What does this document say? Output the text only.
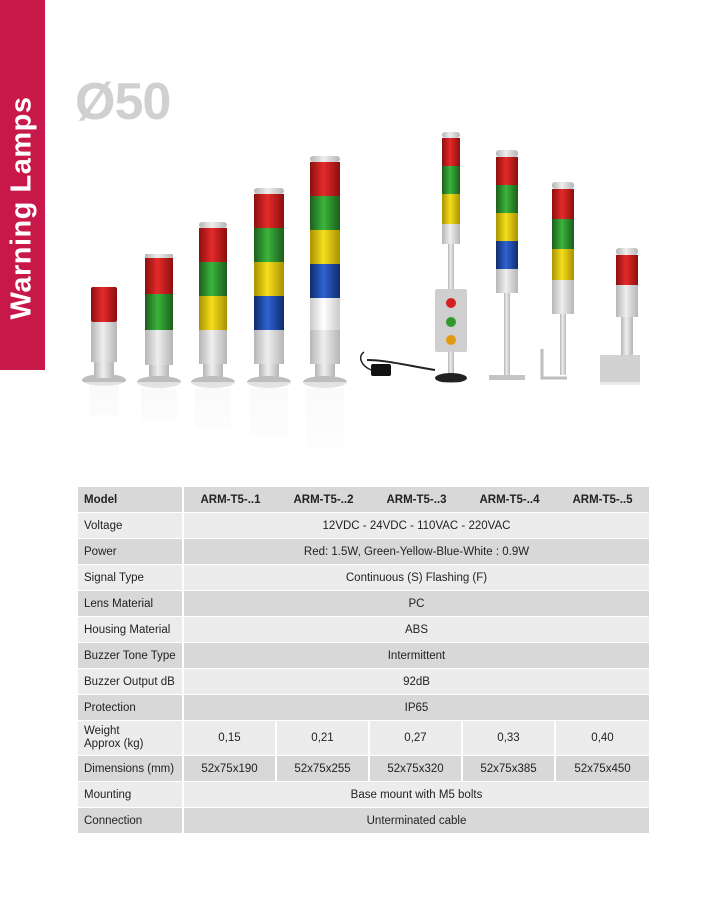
Warning Lamps Ø50
Model	ARM-T5-..1	ARM-T5-..2	ARM-T5-..3	ARM-T5-..4	ARM-T5-..5
Voltage	12VDC - 24VDC - 110VAC - 220VAC				
Power	Red: 1.5W, Green-Yellow-Blue-White : 0.9W				
Signal Type	Continuous (S) Flashing (F)				
Lens Material	PC				
Housing Material	ABS				
Buzzer Tone Type	Intermittent				
Buzzer Output dB	92dB				
Protection	IP65				

Weight
Approx (kg)	0,15	0,21	0,27	0,33	0,40
Dimensions (mm)	52x75x190	52x75x255	52x75x320	52x75x385	52x75x450
Mounting	Base mount with M5 bolts				
Connection	Unterminated cable				
